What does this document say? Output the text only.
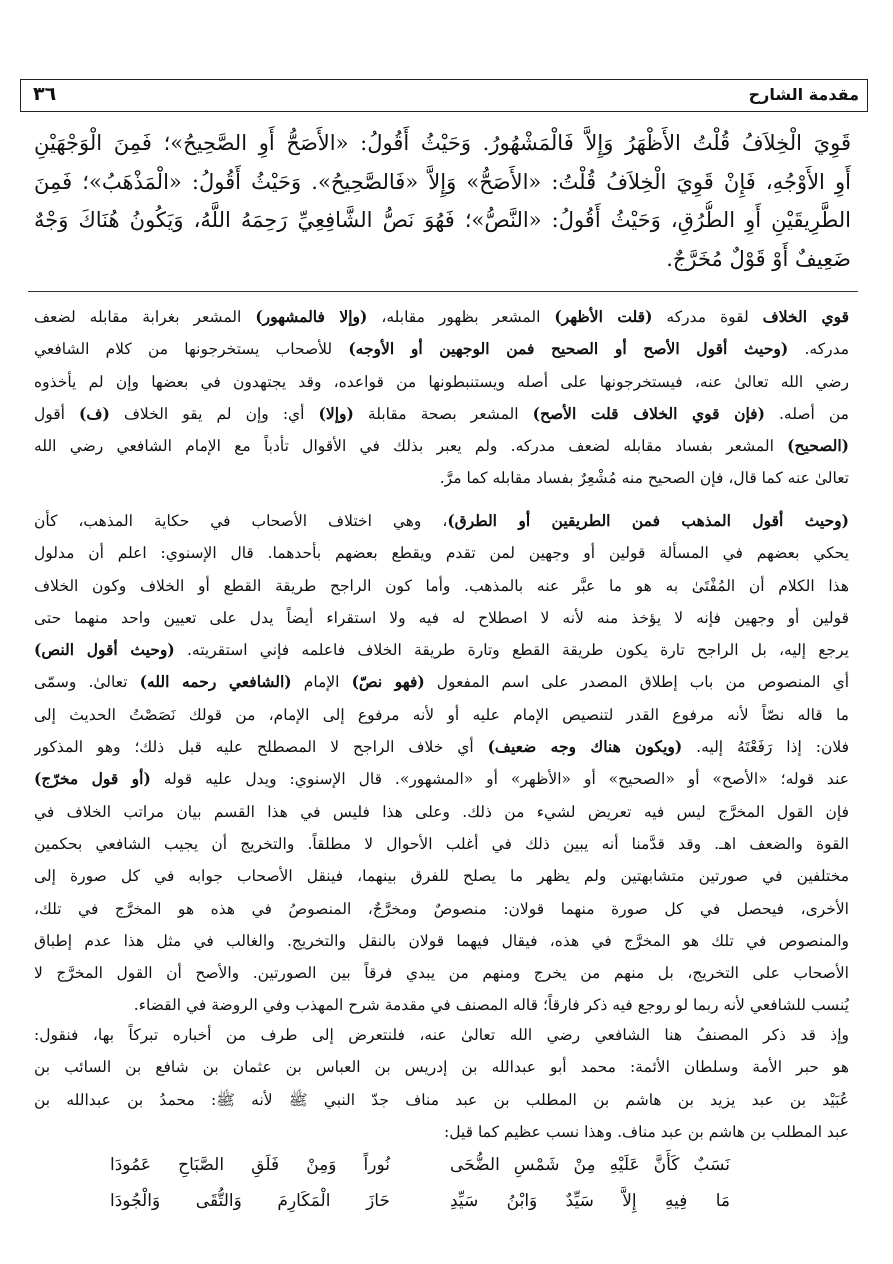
مقدمة الشارح
٣٦
قَوِيَ الْخِلاَفُ قُلْتُ الأَظْهَرُ وَإِلاَّ فَالْمَشْهُورُ. وَحَيْثُ أَقُولُ: «الأَصَحُّ أَوِ الصَّحِيحُ»؛ فَمِنَ الْوَجْهَيْنِ
أَوِ الأَوْجُهِ، فَإِنْ قَوِيَ الْخِلاَفُ قُلْتُ: «الأَصَحُّ» وَإِلاَّ «فَالصَّحِيحُ». وَحَيْثُ أَقُولُ: «الْمَذْهَبُ»؛ فَمِنَ
الطَّرِيقَيْنِ أَوِ الطُّرُقِ، وَحَيْثُ أَقُولُ: «النَّصُّ»؛ فَهُوَ نَصُّ الشَّافِعِيِّ رَحِمَهُ اللَّهُ، وَيَكُونُ هُنَاكَ وَجْهٌ
ضَعِيفٌ أَوْ قَوْلٌ مُخَرَّجٌ.
قوي الخلاف لقوة مدركه (قلت الأظهر) المشعر بظهور مقابله، (وإلا فالمشهور) المشعر بغرابة مقابله لضعف
مدركه. (وحيث أقول الأصح أو الصحيح فمن الوجهين أو الأوجه) للأصحاب يستخرجونها من كلام الشافعي
رضي الله تعالىٰ عنه، فيستخرجونها على أصله ويستنبطونها من قواعده، وقد يجتهدون في بعضها وإن لم يأخذوه
من أصله. (فإن قوي الخلاف قلت الأصح) المشعر بصحة مقابلة (وإلا) أي: وإن لم يقو الخلاف (ف) أقول
(الصحيح) المشعر بفساد مقابله لضعف مدركه. ولم يعبر بذلك في الأقوال تأدباً مع الإمام الشافعي رضي الله
تعالىٰ عنه كما قال، فإن الصحيح منه مُشْعِرٌ بفساد مقابله كما مرَّ.
(وحيث أقول المذهب فمن الطريقين أو الطرق)، وهي اختلاف الأصحاب في حكاية المذهب، كأن
يحكي بعضهم في المسألة قولين أو وجهين لمن تقدم ويقطع بعضهم بأحدهما. قال الإسنوي: اعلم أن مدلول
هذا الكلام أن المُفْتَىٰ به هو ما عبَّر عنه بالمذهب. وأما كون الراجح طريقة القطع أو الخلاف وكون الخلاف
قولين أو وجهين فإنه لا يؤخذ منه لأنه لا اصطلاح له فيه ولا استقراء أيضاً يدل على تعيين واحد منهما حتى
يرجع إليه، بل الراجح تارة يكون طريقة القطع وتارة طريقة الخلاف فاعلمه فإني استقريته. (وحيث أقول النص)
أي المنصوص من باب إطلاق المصدر على اسم المفعول (فهو نصّ) الإمام (الشافعي رحمه الله) تعالىٰ. وسمّى
ما قاله نصّاً لأنه مرفوع القدر لتنصيص الإمام عليه أو لأنه مرفوع إلى الإمام، من قولك نَصَصْتُ الحديث إلى
فلان: إذا رَفَعْتَهُ إليه. (ويكون هناك وجه ضعيف) أي خلاف الراجح لا المصطلح عليه قبل ذلك؛ وهو المذكور
عند قوله؛ «الأصح» أو «الصحيح» أو «الأظهر» أو «المشهور». قال الإسنوي: ويدل عليه قوله (أو قول مخرّج)
فإن القول المخرَّج ليس فيه تعريض لشيء من ذلك. وعلى هذا فليس في هذا القسم بيان مراتب الخلاف في
القوة والضعف اهـ. وقد قدَّمنا أنه يبين ذلك في أغلب الأحوال لا مطلقاً. والتخريج أن يجيب الشافعي بحكمين
مختلفين في صورتين متشابهتين ولم يظهر ما يصلح للفرق بينهما، فينقل الأصحاب جوابه في كل صورة إلى
الأخرى، فيحصل في كل صورة منهما قولان: منصوصٌ ومخرَّجٌ، المنصوصُ في هذه هو المخرَّج في تلك،
والمنصوص في تلك هو المخرَّج في هذه، فيقال فيهما قولان بالنقل والتخريج. والغالب في مثل هذا عدم إطباق
الأصحاب على التخريج، بل منهم من يخرج ومنهم من يبدي فرقاً بين الصورتين. والأصح أن القول المخرَّج لا
يُنسب للشافعي لأنه ربما لو روجع فيه ذكر فارقاً؛ قاله المصنف في مقدمة شرح المهذب وفي الروضة في القضاء.
وإذ قد ذكر المصنفُ هنا الشافعي رضي الله تعالىٰ عنه، فلنتعرض إلى طرف من أخباره تبركاً بها، فنقول:
هو حبر الأمة وسلطان الأئمة: محمد أبو عبدالله بن إدريس بن العباس بن عثمان بن شافع بن السائب بن
عُبَيْد بن عبد يزيد بن هاشم بن المطلب بن عبد مناف جدّ النبي ﷺ لأنه ﷺ: محمدُ بن عبدالله بن
عبد المطلب بن هاشم بن عبد مناف. وهذا نسب عظيم كما قيل:
نَسَبٌ كَأَنَّ عَلَيْهِ مِنْ شَمْسِ الضُّحَى
نُوراً وَمِنْ فَلَقِ الصَّبَاحِ عَمُودَا
مَا فِيهِ إِلاَّ سَيِّدٌ وَابْنُ سَيِّدِ
حَازَ الْمَكَارِمَ وَالتُّقَى وَالْجُودَا
